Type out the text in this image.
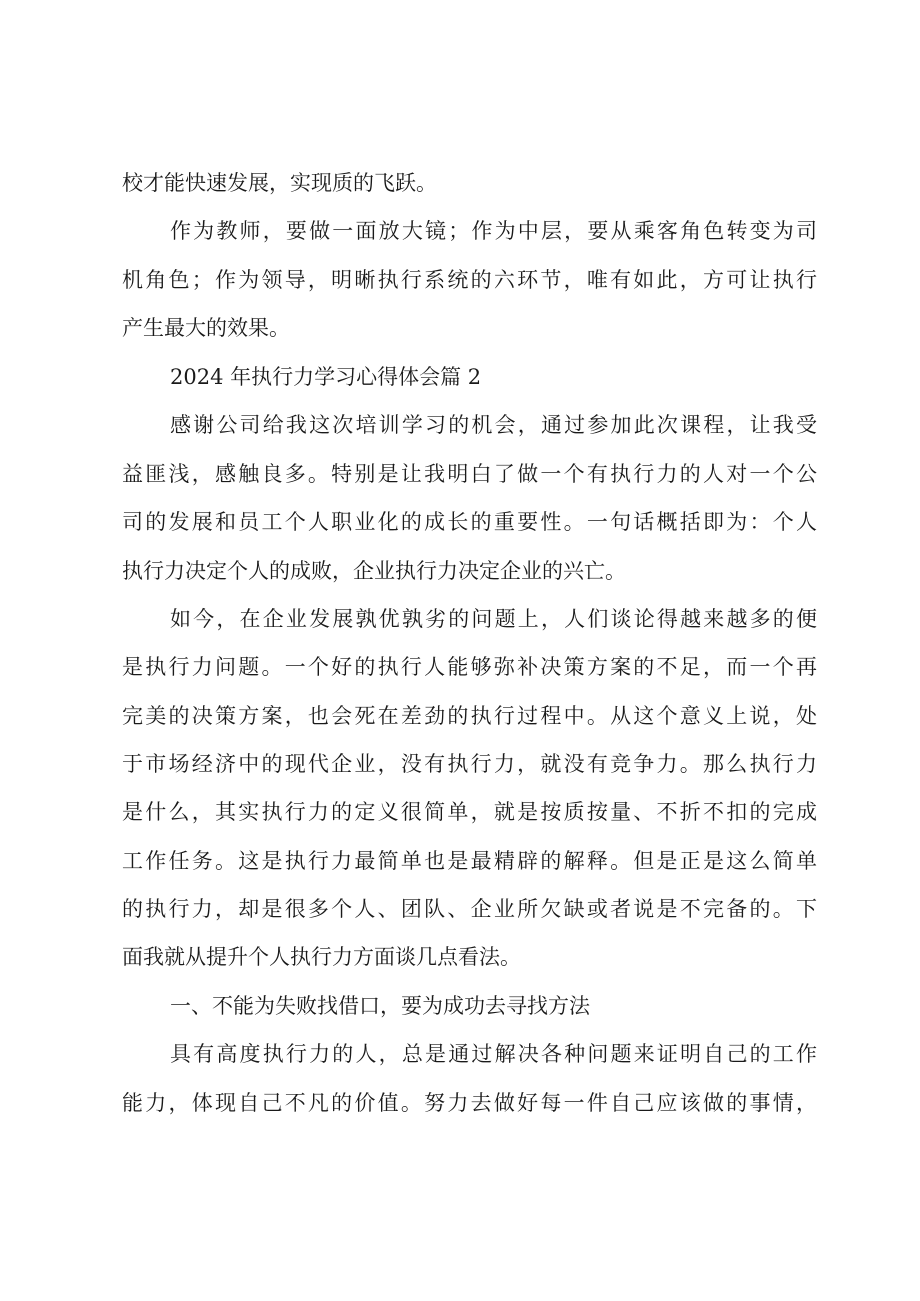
校才能快速发展，实现质的飞跃。
作为教师，要做一面放大镜；作为中层，要从乘客角色转变为司
机角色；作为领导，明晰执行系统的六环节，唯有如此，方可让执行
产生最大的效果。
2024 年执行力学习心得体会篇 2
感谢公司给我这次培训学习的机会，通过参加此次课程，让我受
益匪浅，感触良多。特别是让我明白了做一个有执行力的人对一个公
司的发展和员工个人职业化的成长的重要性。一句话概括即为：个人
执行力决定个人的成败，企业执行力决定企业的兴亡。
如今，在企业发展孰优孰劣的问题上，人们谈论得越来越多的便
是执行力问题。一个好的执行人能够弥补决策方案的不足，而一个再
完美的决策方案，也会死在差劲的执行过程中。从这个意义上说，处
于市场经济中的现代企业，没有执行力，就没有竞争力。那么执行力
是什么，其实执行力的定义很简单，就是按质按量、不折不扣的完成
工作任务。这是执行力最简单也是最精辟的解释。但是正是这么简单
的执行力，却是很多个人、团队、企业所欠缺或者说是不完备的。下
面我就从提升个人执行力方面谈几点看法。
一、不能为失败找借口，要为成功去寻找方法
具有高度执行力的人，总是通过解决各种问题来证明自己的工作
能力，体现自己不凡的价值。努力去做好每一件自己应该做的事情，
